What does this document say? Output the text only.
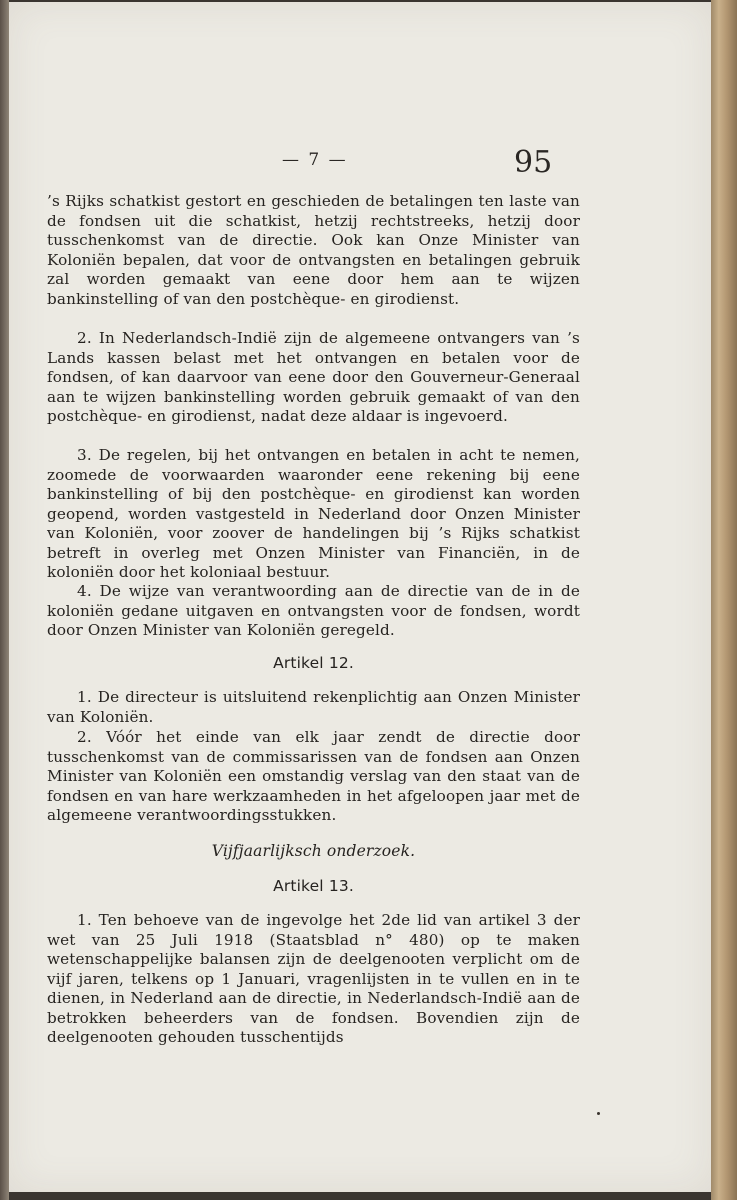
— 7 —	95

’s Rijks schatkist gestort en geschieden de betalingen ten laste van de fondsen uit die schatkist, hetzij rechtstreeks, hetzij door tusschenkomst van de directie. Ook kan Onze Minister van Koloniën bepalen, dat voor de ontvangsten en betalingen gebruik zal worden gemaakt van eene door hem aan te wijzen bankinstelling of van den postchèque- en girodienst.

2. In Nederlandsch-Indië zijn de algemeene ontvangers van ’s Lands kassen belast met het ontvangen en betalen voor de fondsen, of kan daarvoor van eene door den Gouverneur-Generaal aan te wijzen bankinstelling worden gebruik gemaakt of van den postchèque- en girodienst, nadat deze aldaar is ingevoerd.

3. De regelen, bij het ontvangen en betalen in acht te nemen, zoomede de voorwaarden waaronder eene rekening bij eene bankinstelling of bij den postchèque- en girodienst kan worden geopend, worden vastgesteld in Nederland door Onzen Minister van Koloniën, voor zoover de handelingen bij ’s Rijks schatkist betreft in overleg met Onzen Minister van Financiën, in de koloniën door het koloniaal bestuur.

4. De wijze van verantwoording aan de directie van de in de koloniën gedane uitgaven en ontvangsten voor de fondsen, wordt door Onzen Minister van Koloniën geregeld.

Artikel 12.

1. De directeur is uitsluitend rekenplichtig aan Onzen Minister van Koloniën.

2. Vóór het einde van elk jaar zendt de directie door tusschenkomst van de commissarissen van de fondsen aan Onzen Minister van Koloniën een omstandig verslag van den staat van de fondsen en van hare werkzaamheden in het afgeloopen jaar met de algemeene verantwoordingsstukken.

Vijfjaarlijksch onderzoek.

Artikel 13.

1. Ten behoeve van de ingevolge het 2de lid van artikel 3 der wet van 25 Juli 1918 (Staatsblad n° 480) op te maken wetenschappelijke balansen zijn de deelgenooten verplicht om de vijf jaren, telkens op 1 Januari, vragenlijsten in te vullen en in te dienen, in Nederland aan de directie, in Nederlandsch-Indië aan de betrokken beheerders van de fondsen. Bovendien zijn de deelgenooten gehouden tusschentijds
